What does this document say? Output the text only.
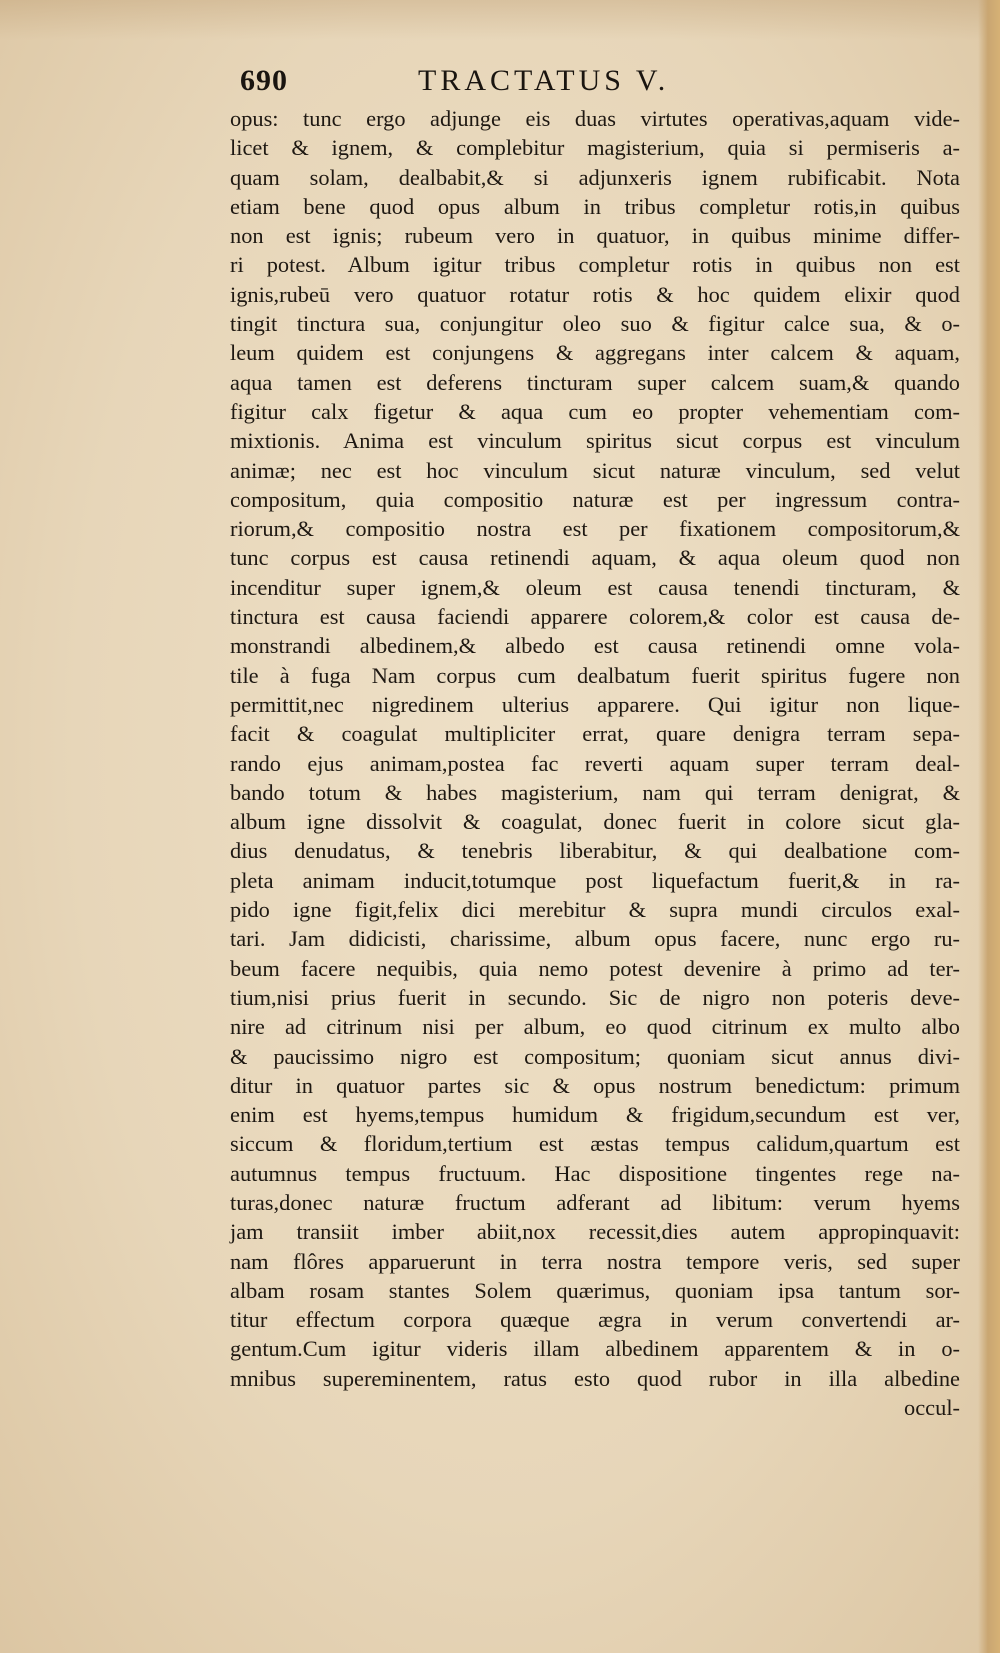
690	TRACTATUS V.
opus: tunc ergo adjunge eis duas virtutes operativas,aquam vide-
licet & ignem, & complebitur magisterium, quia si permiseris a-
quam solam, dealbabit,& si adjunxeris ignem rubificabit. Nota
etiam bene quod opus album in tribus completur rotis,in quibus
non est ignis; rubeum vero in quatuor, in quibus minime differ-
ri potest. Album igitur tribus completur rotis in quibus non est
ignis,rubeū vero quatuor rotatur rotis & hoc quidem elixir quod
tingit tinctura sua, conjungitur oleo suo & figitur calce sua, & o-
leum quidem est conjungens & aggregans inter calcem & aquam,
aqua tamen est deferens tincturam super calcem suam,& quando
figitur calx figetur & aqua cum eo propter vehementiam com-
mixtionis. Anima est vinculum spiritus sicut corpus est vinculum
animæ; nec est hoc vinculum sicut naturæ vinculum, sed velut
compositum, quia compositio naturæ est per ingressum contra-
riorum,& compositio nostra est per fixationem compositorum,&
tunc corpus est causa retinendi aquam, & aqua oleum quod non
incenditur super ignem,& oleum est causa tenendi tincturam, &
tinctura est causa faciendi apparere colorem,& color est causa de-
monstrandi albedinem,& albedo est causa retinendi omne vola-
tile à fuga Nam corpus cum dealbatum fuerit spiritus fugere non
permittit,nec nigredinem ulterius apparere. Qui igitur non lique-
facit & coagulat multipliciter errat, quare denigra terram sepa-
rando ejus animam,postea fac reverti aquam super terram deal-
bando totum & habes magisterium, nam qui terram denigrat, &
album igne dissolvit & coagulat, donec fuerit in colore sicut gla-
dius denudatus, & tenebris liberabitur, & qui dealbatione com-
pleta animam inducit,totumque post liquefactum fuerit,& in ra-
pido igne figit,felix dici merebitur & supra mundi circulos exal-
tari. Jam didicisti, charissime, album opus facere, nunc ergo ru-
beum facere nequibis, quia nemo potest devenire à primo ad ter-
tium,nisi prius fuerit in secundo. Sic de nigro non poteris deve-
nire ad citrinum nisi per album, eo quod citrinum ex multo albo
& paucissimo nigro est compositum; quoniam sicut annus divi-
ditur in quatuor partes sic & opus nostrum benedictum: primum
enim est hyems,tempus humidum & frigidum,secundum est ver,
siccum & floridum,tertium est æstas tempus calidum,quartum est
autumnus tempus fructuum. Hac dispositione tingentes rege na-
turas,donec naturæ fructum adferant ad libitum: verum hyems
jam transiit imber abiit,nox recessit,dies autem appropinquavit:
nam flôres apparuerunt in terra nostra tempore veris, sed super
albam rosam stantes Solem quærimus, quoniam ipsa tantum sor-
titur effectum corpora quæque ægra in verum convertendi ar-
gentum.Cum igitur videris illam albedinem apparentem & in o-
mnibus supereminentem, ratus esto quod rubor in illa albedine
occul-
